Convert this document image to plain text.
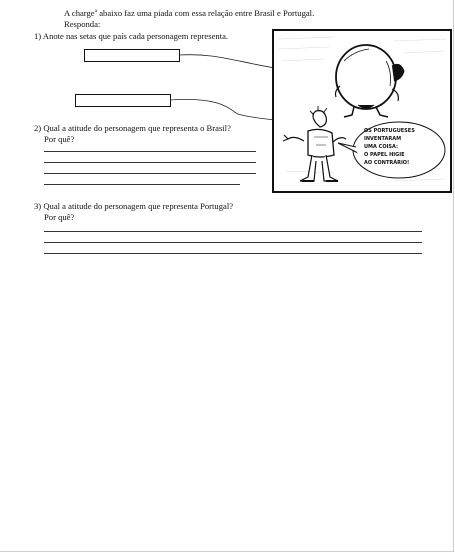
A charge$^a$ abaixo faz uma piada com essa relação entre Brasil e Portugal.
Responda:
1) Anote nas setas que país cada personagem representa.
OS PORTUGUESES
INVENTARAM
UMA COISA:
O PAPEL HIGIE
AO CONTRÁRIO!
2) Qual a atitude do personagem que representa o Brasil?
Por quê?
3) Qual a atitude do personagem que representa Portugal?
Por quê?
